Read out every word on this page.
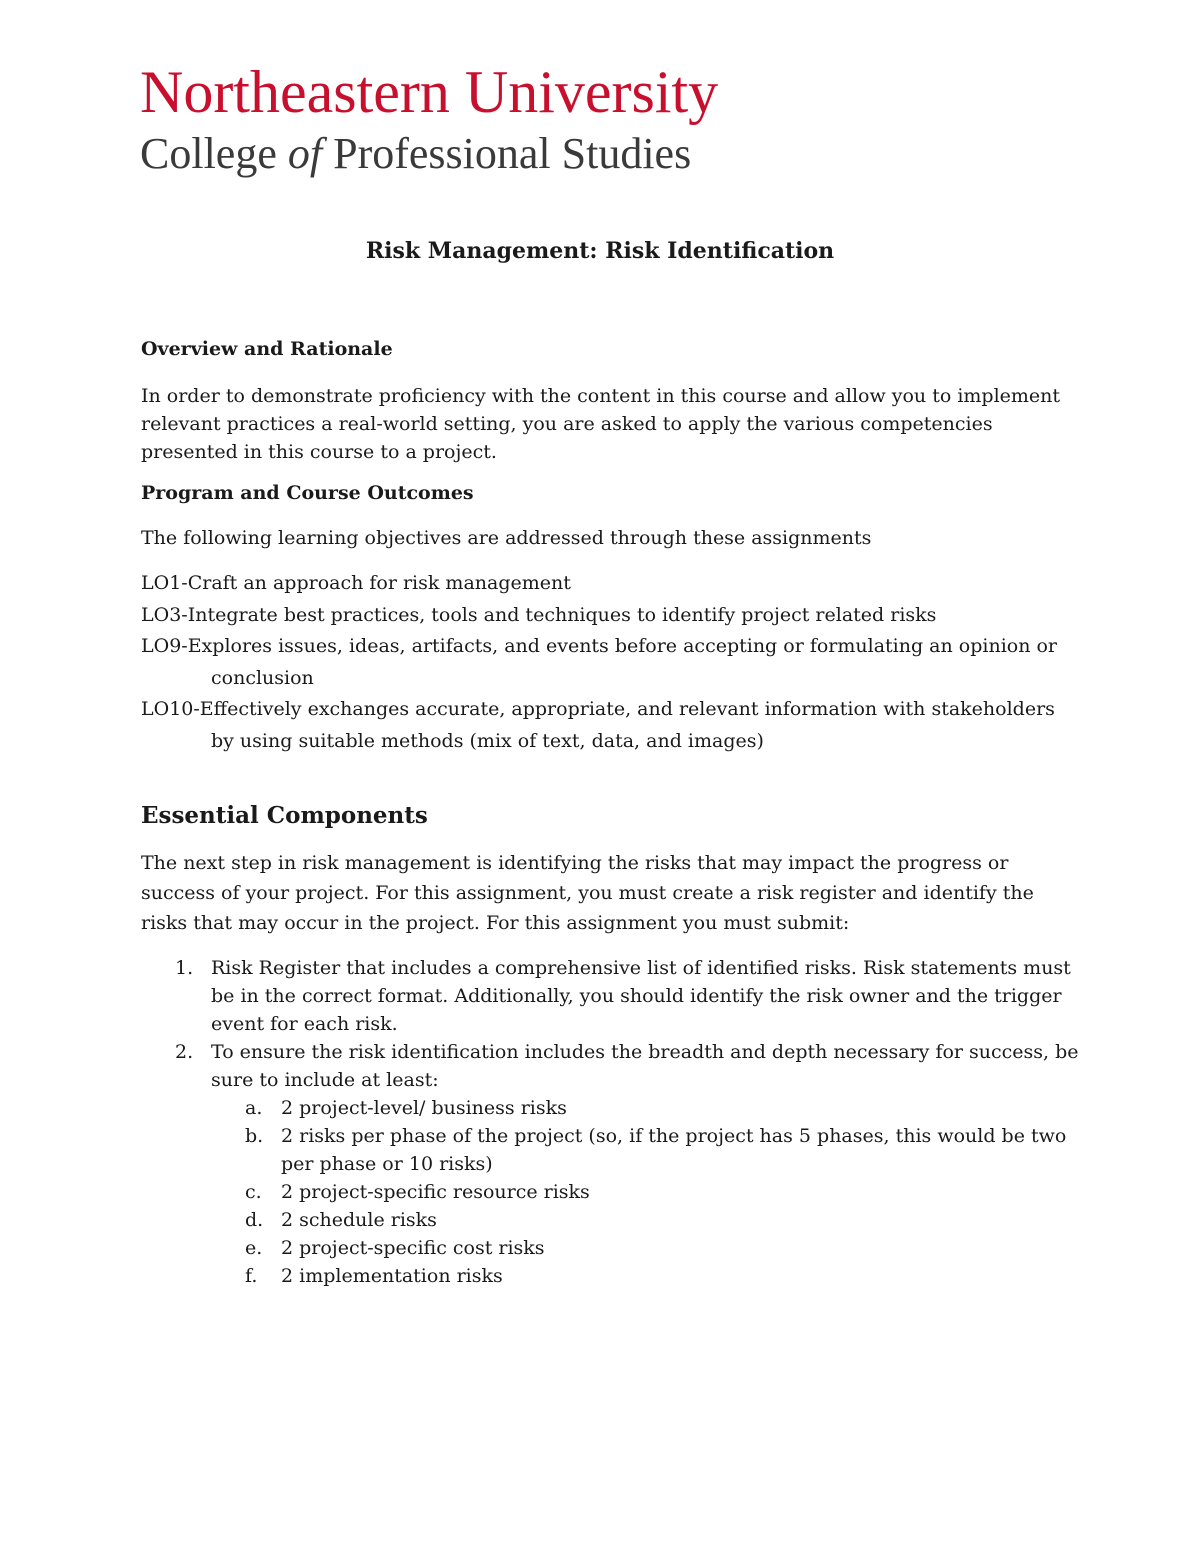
Northeastern University
College of Professional Studies
Risk Management: Risk Identification
Overview and Rationale
In order to demonstrate proficiency with the content in this course and allow you to implement relevant practices a real-world setting, you are asked to apply the various competencies presented in this course to a project.
Program and Course Outcomes
The following learning objectives are addressed through these assignments
LO1-Craft an approach for risk management
LO3-Integrate best practices, tools and techniques to identify project related risks
LO9-Explores issues, ideas, artifacts, and events before accepting or formulating an opinion or conclusion
LO10-Effectively exchanges accurate, appropriate, and relevant information with stakeholders by using suitable methods (mix of text, data, and images)
Essential Components
The next step in risk management is identifying the risks that may impact the progress or success of your project. For this assignment, you must create a risk register and identify the risks that may occur in the project. For this assignment you must submit:
1. Risk Register that includes a comprehensive list of identified risks. Risk statements must be in the correct format. Additionally, you should identify the risk owner and the trigger event for each risk.
2. To ensure the risk identification includes the breadth and depth necessary for success, be sure to include at least:
a. 2 project-level/ business risks
b. 2 risks per phase of the project (so, if the project has 5 phases, this would be two per phase or 10 risks)
c. 2 project-specific resource risks
d. 2 schedule risks
e. 2 project-specific cost risks
f. 2 implementation risks
